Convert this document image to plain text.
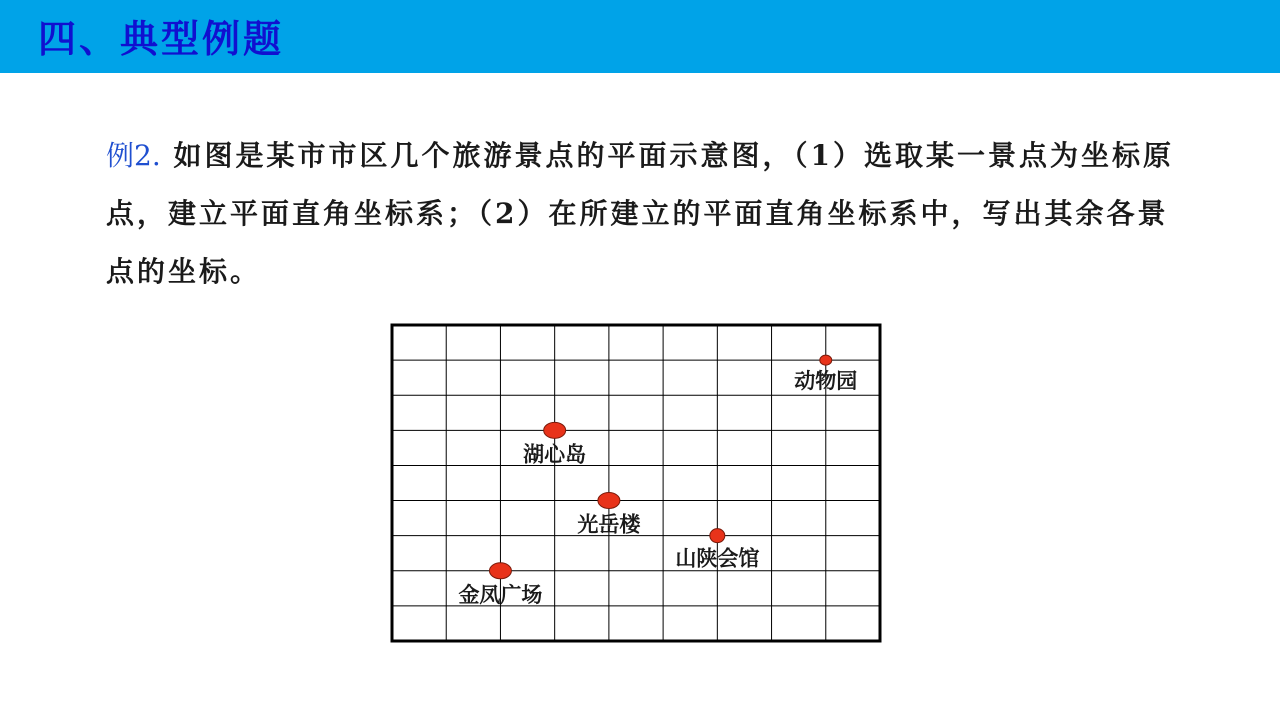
四、典型例题
例2. 如图是某市市区几个旅游景点的平面示意图，（1）选取某一景点为坐标原点，建立平面直角坐标系；（2）在所建立的平面直角坐标系中，写出其余各景点的坐标。
动物园
湖心岛
光岳楼
山陕会馆
金凤广场
